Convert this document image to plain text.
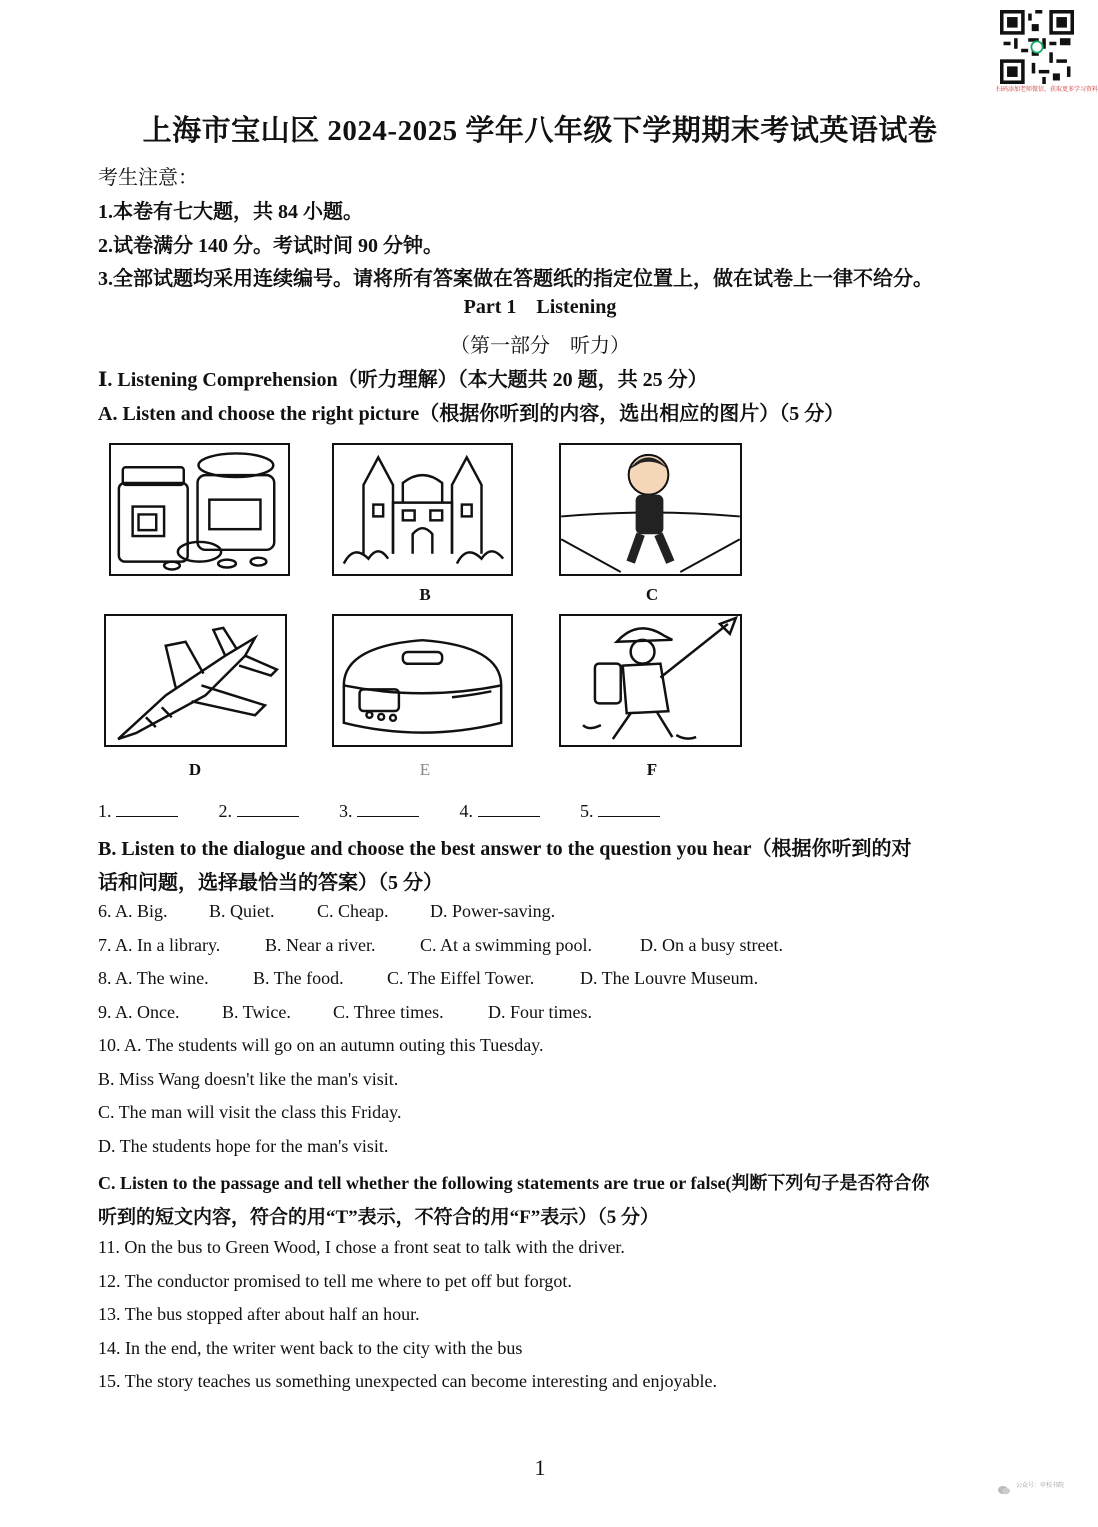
扫码添加老师微信，获取更多学习资料
上海市宝山区 2024-2025 学年八年级下学期期末考试英语试卷
考生注意：
1.本卷有七大题，共 84 小题。
2.试卷满分 140 分。考试时间 90 分钟。
3.全部试题均采用连续编号。请将所有答案做在答题纸的指定位置上，做在试卷上一律不给分。
Part 1    Listening
（第一部分    听力）
Ⅰ. Listening Comprehension（听力理解）（本大题共 20 题，共 25 分）
A. Listen and choose the right picture（根据你听到的内容，选出相应的图片）（5 分）
B	C
D	E	F
1.	2.	3.	4.	5.
B. Listen to the dialogue and choose the best answer to the question you hear（根据你听到的对
话和问题，选择最恰当的答案）（5 分）
6. A. Big. B. Quiet. C. Cheap. D. Power-saving.
7. A. In a library. B. Near a river. C. At a swimming pool.	D. On a busy street.
8. A. The wine. B. The food. C. The Eiffel Tower.	D. The Louvre Museum.
9. A. Once. B. Twice. C. Three times. D. Four times.
10. A. The students will go on an autumn outing this Tuesday.
B. Miss Wang doesn't like the man's visit.
C. The man will visit the class this Friday.
D. The students hope for the man's visit.
C. Listen to the passage and tell whether the following statements are true or false(判断下列句子是否符合你
听到的短文内容，符合的用“T”表示，不符合的用“F”表示）（5 分）
11. On the bus to Green Wood, I chose a front seat to talk with the driver.
12. The conductor promised to tell me where to pet off but forgot.
13. The bus stopped after about half an hour.
14. In the end, the writer went back to the city with the bus
15. The story teaches us something unexpected can become interesting and enjoyable.
1
公众号：申校书院
